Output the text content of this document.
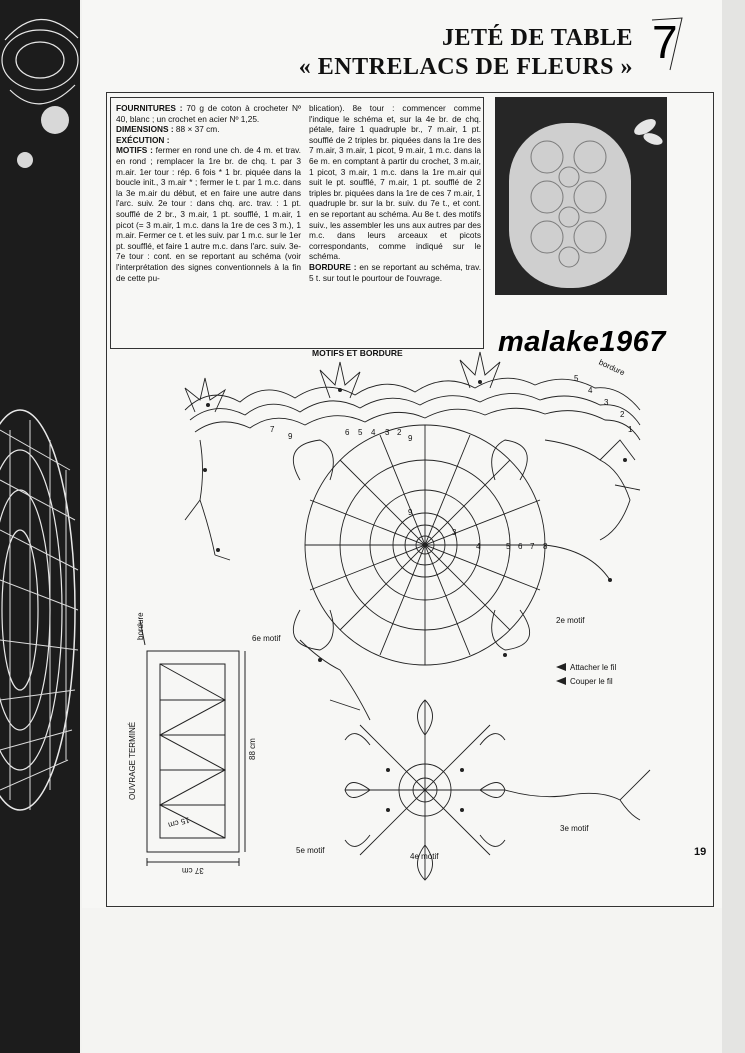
JETÉ DE TABLE
« ENTRELACS DE FLEURS » 7

FOURNITURES : 70 g de coton à crocheter Nº 40, blanc ; un crochet en acier Nº 1,25.

DIMENSIONS : 88 × 37 cm.

EXÉCUTION :

MOTIFS : fermer en rond une ch. de 4 m. et trav. en rond ; remplacer la 1re br. de chq. t. par 3 m.air. 1er tour : rép. 6 fois * 1 br. piquée dans la boucle init., 3 m.air * ; fermer le t. par 1 m.c. dans la 3e m.air du début, et en faire une autre dans l'arc. suiv. 2e tour : dans chq. arc. trav. : 1 pt. soufflé de 2 br., 3 m.air, 1 pt. soufflé, 1 m.air, 1 picot (= 3 m.air, 1 m.c. dans la 1re de ces 3 m.), 1 m.air. Fermer ce t. et les suiv. par 1 m.c. sur le 1er pt. soufflé, et faire 1 autre m.c. dans l'arc. suiv. 3e-7e tour : cont. en se reportant au schéma (voir l'interprétation des signes conventionnels à la fin de cette pu-

blication). 8e tour : commencer comme l'indique le schéma et, sur la 4e br. de chq. pétale, faire 1 quadruple br., 7 m.air, 1 pt. soufflé de 2 triples br. piquées dans la 1re des 7 m.air, 3 m.air, 1 picot, 9 m.air, 1 m.c. dans la 6e m. en comptant à partir du crochet, 3 m.air, 1 picot, 3 m.air, 1 m.c. dans la 1re m.air qui suit le pt. soufflé, 7 m.air, 1 pt. soufflé de 2 triples br. piquées dans la 1re de ces 7 m.air, 1 quadruple br. sur la br. suiv. du 7e t., et cont. en se reportant au schéma. Au 8e t. des motifs suiv., les assembler les uns aux autres par des m.c. dans leurs arceaux et picots correspondants, comme indiqué sur le schéma.

BORDURE : en se reportant au schéma, trav. 5 t. sur tout le pourtour de l'ouvrage.

malake1967
MOTIFS ET BORDURE
bordure
1
2
3
4
5
7	6 5 4 3 2
9	9
9
3
4	5 6 7 8
2e motif
Attacher le fil
Couper le fil
3e motif
4e motif
5e motif
6e motif
bordure
OUVRAGE TERMINÉ
37 cm
88 cm
15 cm
19
